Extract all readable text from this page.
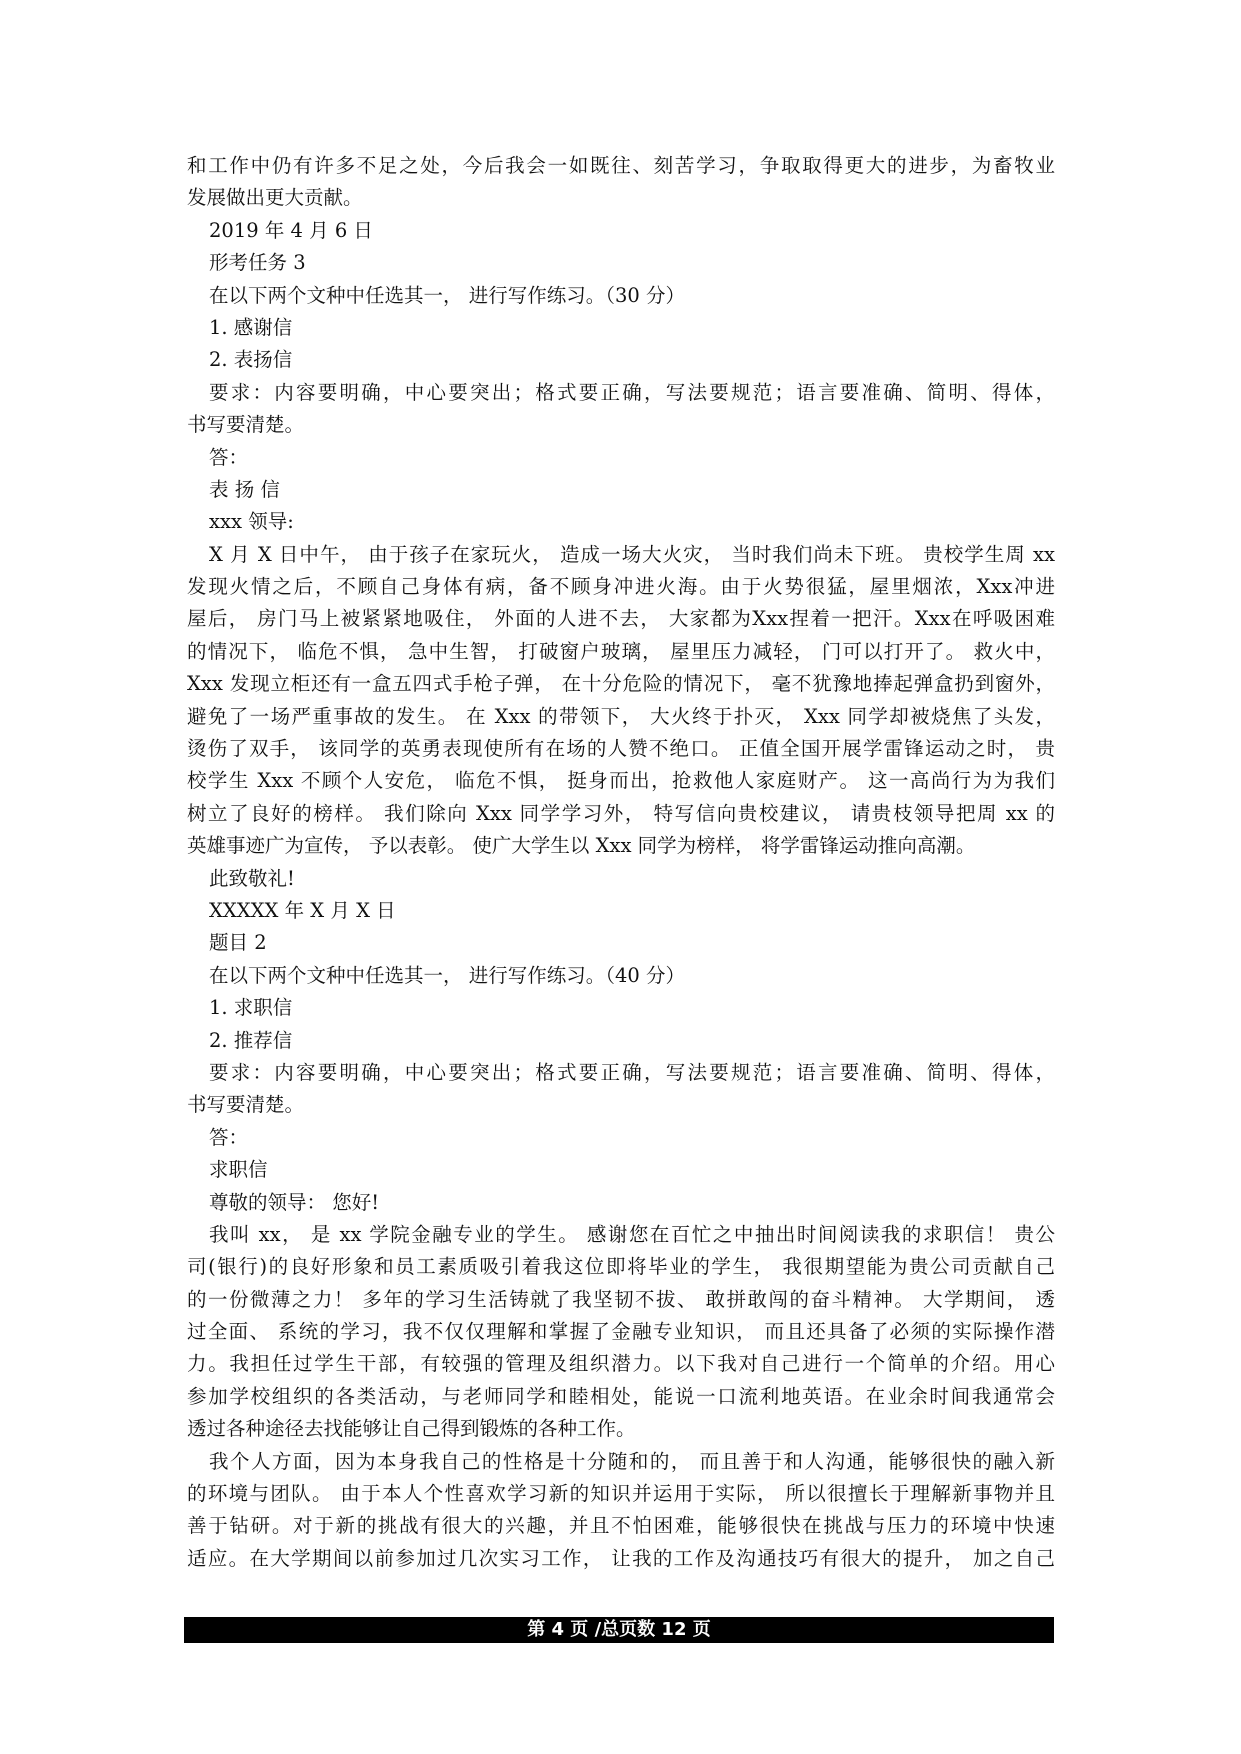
和工作中仍有许多不足之处，今后我会一如既往、刻苦学习，争取取得更大的进步，为畜牧业
发展做出更大贡献。
2019 年 4 月 6 日
形考任务 3
在以下两个文种中任选其一， 进行写作练习。（30 分）
1. 感谢信
2. 表扬信
要求：内容要明确，中心要突出；格式要正确，写法要规范；语言要准确、简明、得体，
书写要清楚。
答：
表 扬 信
xxx 领导:
X 月 X 日中午， 由于孩子在家玩火， 造成一场大火灾， 当时我们尚未下班。 贵校学生周 xx
发现火情之后，不顾自己身体有病，备不顾身冲进火海。由于火势很猛，屋里烟浓，Xxx冲进
屋后， 房门马上被紧紧地吸住， 外面的人进不去， 大家都为Xxx捏着一把汗。Xxx在呼吸困难
的情况下， 临危不惧， 急中生智， 打破窗户玻璃， 屋里压力减轻， 门可以打开了。 救火中，
Xxx 发现立柜还有一盒五四式手枪子弹， 在十分危险的情况下， 毫不犹豫地捧起弹盒扔到窗外，
避免了一场严重事故的发生。 在 Xxx 的带领下， 大火终于扑灭， Xxx 同学却被烧焦了头发，
烫伤了双手， 该同学的英勇表现使所有在场的人赞不绝口。 正值全国开展学雷锋运动之时， 贵
校学生 Xxx 不顾个人安危， 临危不惧， 挺身而出，抢救他人家庭财产。 这一高尚行为为我们
树立了良好的榜样。 我们除向 Xxx 同学学习外， 特写信向贵校建议， 请贵枝领导把周 xx 的
英雄事迹广为宣传， 予以表彰。 使广大学生以 Xxx 同学为榜样， 将学雷锋运动推向高潮。
此致敬礼!
XXXXX 年 X 月 X 日
题目 2
在以下两个文种中任选其一， 进行写作练习。（40 分）
1. 求职信
2. 推荐信
要求：内容要明确，中心要突出；格式要正确，写法要规范；语言要准确、简明、得体，
书写要清楚。
答：
求职信
尊敬的领导： 您好!
我叫 xx， 是 xx 学院金融专业的学生。 感谢您在百忙之中抽出时间阅读我的求职信！ 贵公
司(银行)的良好形象和员工素质吸引着我这位即将毕业的学生， 我很期望能为贵公司贡献自己
的一份微薄之力！ 多年的学习生活铸就了我坚韧不拔、 敢拼敢闯的奋斗精神。 大学期间， 透
过全面、 系统的学习，我不仅仅理解和掌握了金融专业知识， 而且还具备了必须的实际操作潜
力。我担任过学生干部，有较强的管理及组织潜力。以下我对自己进行一个简单的介绍。用心
参加学校组织的各类活动，与老师同学和睦相处，能说一口流利地英语。在业余时间我通常会
透过各种途径去找能够让自己得到锻炼的各种工作。
我个人方面，因为本身我自己的性格是十分随和的， 而且善于和人沟通，能够很快的融入新
的环境与团队。 由于本人个性喜欢学习新的知识并运用于实际， 所以很擅长于理解新事物并且
善于钻研。对于新的挑战有很大的兴趣，并且不怕困难，能够很快在挑战与压力的环境中快速
适应。在大学期间以前参加过几次实习工作， 让我的工作及沟通技巧有很大的提升， 加之自己
第 4 页 /总页数 12 页
